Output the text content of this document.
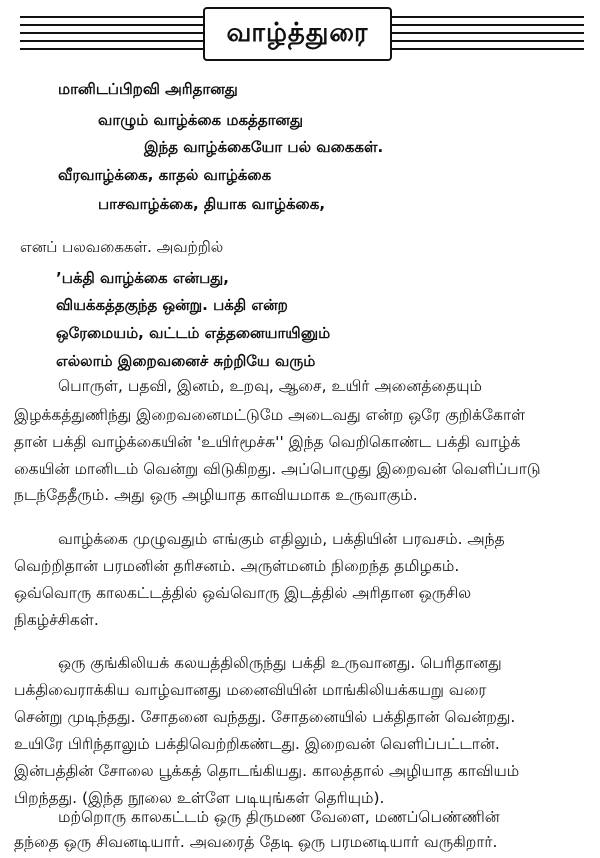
வாழ்த்துரை
மானிடப்பிறவி அரிதானது
வாழும் வாழ்க்கை மகத்தானது
இந்த வாழ்க்கையோ பல் வகைகள்.
வீரவாழ்க்கை, காதல் வாழ்க்கை
பாசவாழ்க்கை, தியாக வாழ்க்கை,
எனப் பலவகைகள். அவற்றில்
’பக்தி வாழ்க்கை என்பது,
வியக்கத்தகுந்த ஒன்று. பக்தி என்ற
ஒரேமையம், வட்டம் எத்தனையாயினும்
எல்லாம் இறைவனைச் சுற்றியே வரும்
பொருள், பதவி, இனம், உறவு, ஆசை, உயிர் அனைத்தையும்
இழக்கத்துணிந்து இறைவனைமட்டுமே அடைவது என்ற ஒரே குறிக்கோள்
தான் பக்தி வாழ்க்கையின் 'உயிர்மூச்சு'' இந்த வெறிகொண்ட பக்தி வாழ்க்
கையின் மானிடம் வென்று விடுகிறது. அப்பொழுது இறைவன் வெளிப்பாடு
நடந்தேதீரும். அது ஒரு அழியாத காவியமாக உருவாகும்.
வாழ்க்கை முழுவதும் எங்கும் எதிலும், பக்தியின் பரவசம். அந்த
வெற்றிதான் பரமனின் தரிசனம். அருள்மனம் நிறைந்த தமிழகம்.
ஒவ்வொரு காலகட்டத்தில் ஒவ்வொரு இடத்தில் அரிதான ஒருசில
நிகழ்ச்சிகள்.
ஒரு குங்கிலியக் கலயத்திலிருந்து பக்தி உருவானது. பெரிதானது
பக்திவைராக்கிய வாழ்வானது மனைவியின் மாங்கிலியக்கயறு வரை
சென்று முடிந்தது. சோதனை வந்தது. சோதனையில் பக்திதான் வென்றது.
உயிரே பிரிந்தாலும் பக்திவெற்றிகண்டது. இறைவன் வெளிப்பட்டான்.
இன்பத்தின் சோலை பூக்கத் தொடங்கியது. காலத்தால் அழியாத காவியம்
பிறந்தது. (இந்த நூலை உள்ளே படியுங்கள் தெரியும்).
மற்றொரு காலகட்டம் ஒரு திருமண வேளை, மணப்பெண்ணின்
தந்தை ஒரு சிவனடியார். அவரைத் தேடி ஒரு பரமனடியார் வருகிறார்.
